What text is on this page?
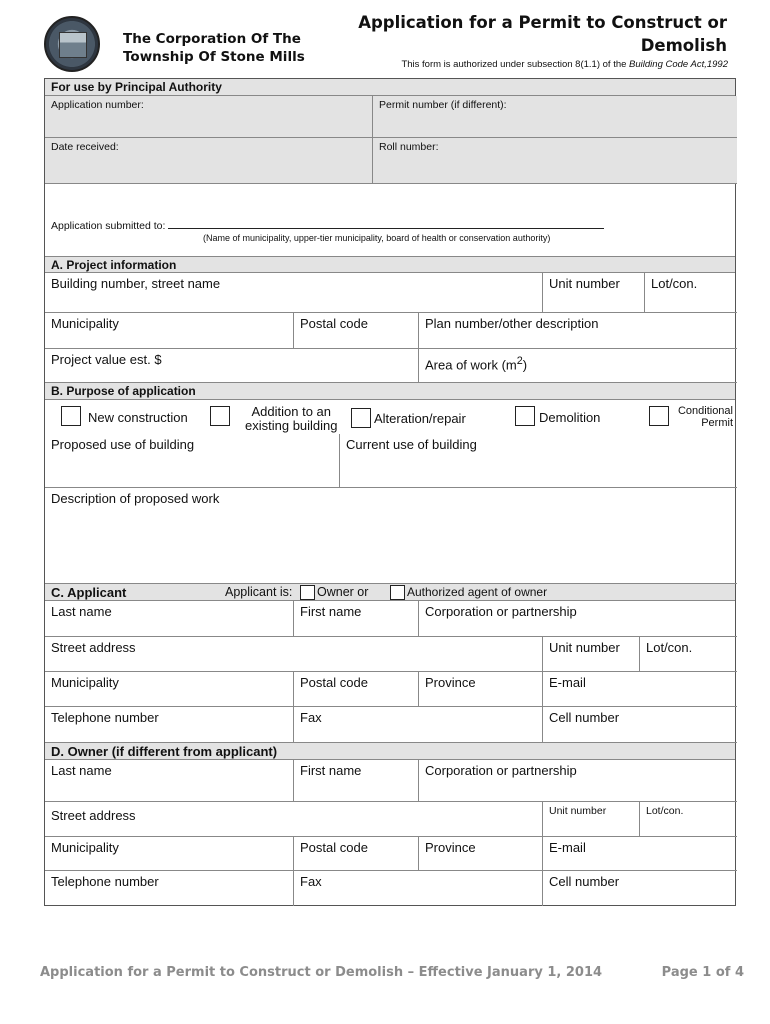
The Corporation Of The
Township Of Stone Mills
Application for a Permit to Construct or
Demolish
This form is authorized under subsection 8(1.1) of the Building Code Act,1992
For use by Principal Authority
Application number:	Permit number (if different):
Date received:	Roll number:
Application submitted to:
(Name of municipality, upper-tier municipality, board of health or conservation authority)
A. Project information
Building number, street name	Unit number	Lot/con.
Municipality	Postal code	Plan number/other description
Project value est. $	Area of work $(m^2)$
B. Purpose of application
New construction	Addition to an
existing building	Alteration/repair	Demolition	Conditional
Permit
Proposed use of building	Current use of building
Description of proposed work
C. Applicant	Applicant is: Owner or	Authorized agent of owner
Last name	First name	Corporation or partnership
Street address	Unit number	Lot/con.
Municipality	Postal code	Province	E-mail
Telephone number	Fax	Cell number
D. Owner (if different from applicant)
Last name	First name	Corporation or partnership
Street address	Unit number	Lot/con.
Municipality	Postal code	Province	E-mail
Telephone number	Fax	Cell number
Application for a Permit to Construct or Demolish – Effective January 1, 2014	Page 1 of 4
